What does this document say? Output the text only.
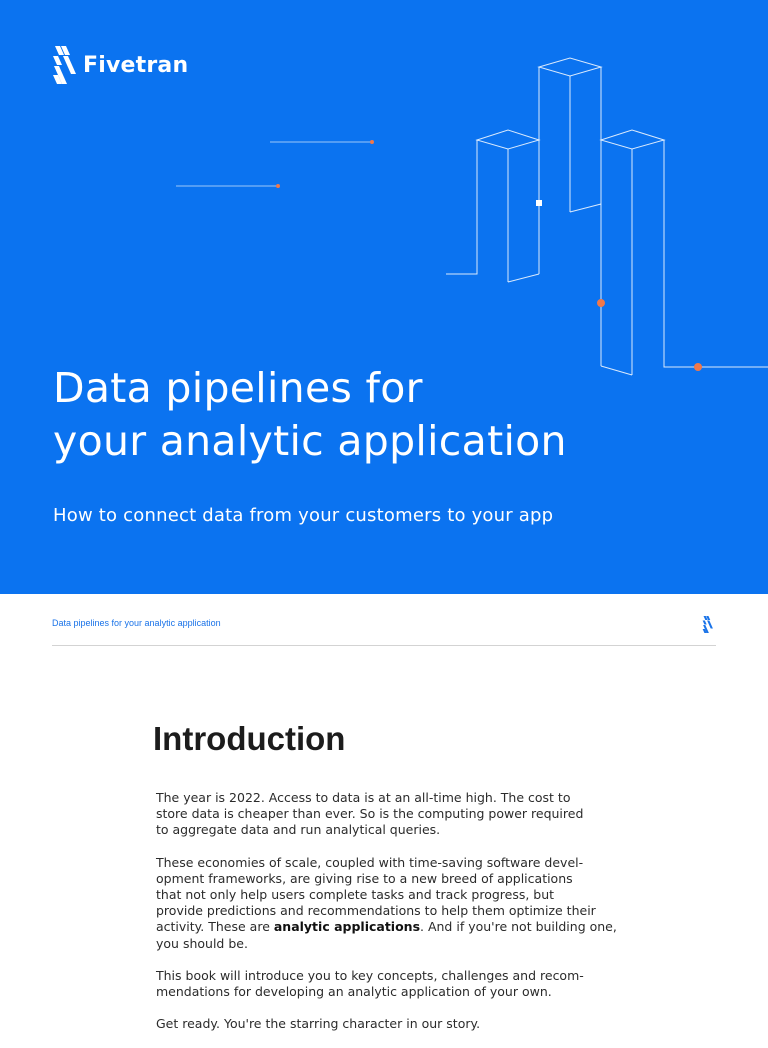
Fivetran
Data pipelines for
your analytic application

How to connect data from your customers to your app

Data pipelines for your analytic application
Introduction

The year is 2022. Access to data is at an all-time high. The cost to
store data is cheaper than ever. So is the computing power required
to aggregate data and run analytical queries.

These economies of scale, coupled with time-saving software devel-
opment frameworks, are giving rise to a new breed of applications
that not only help users complete tasks and track progress, but
provide predictions and recommendations to help them optimize their
activity. These are analytic applications. And if you're not building one,
you should be.

This book will introduce you to key concepts, challenges and recom-
mendations for developing an analytic application of your own.

Get ready. You're the starring character in our story.
